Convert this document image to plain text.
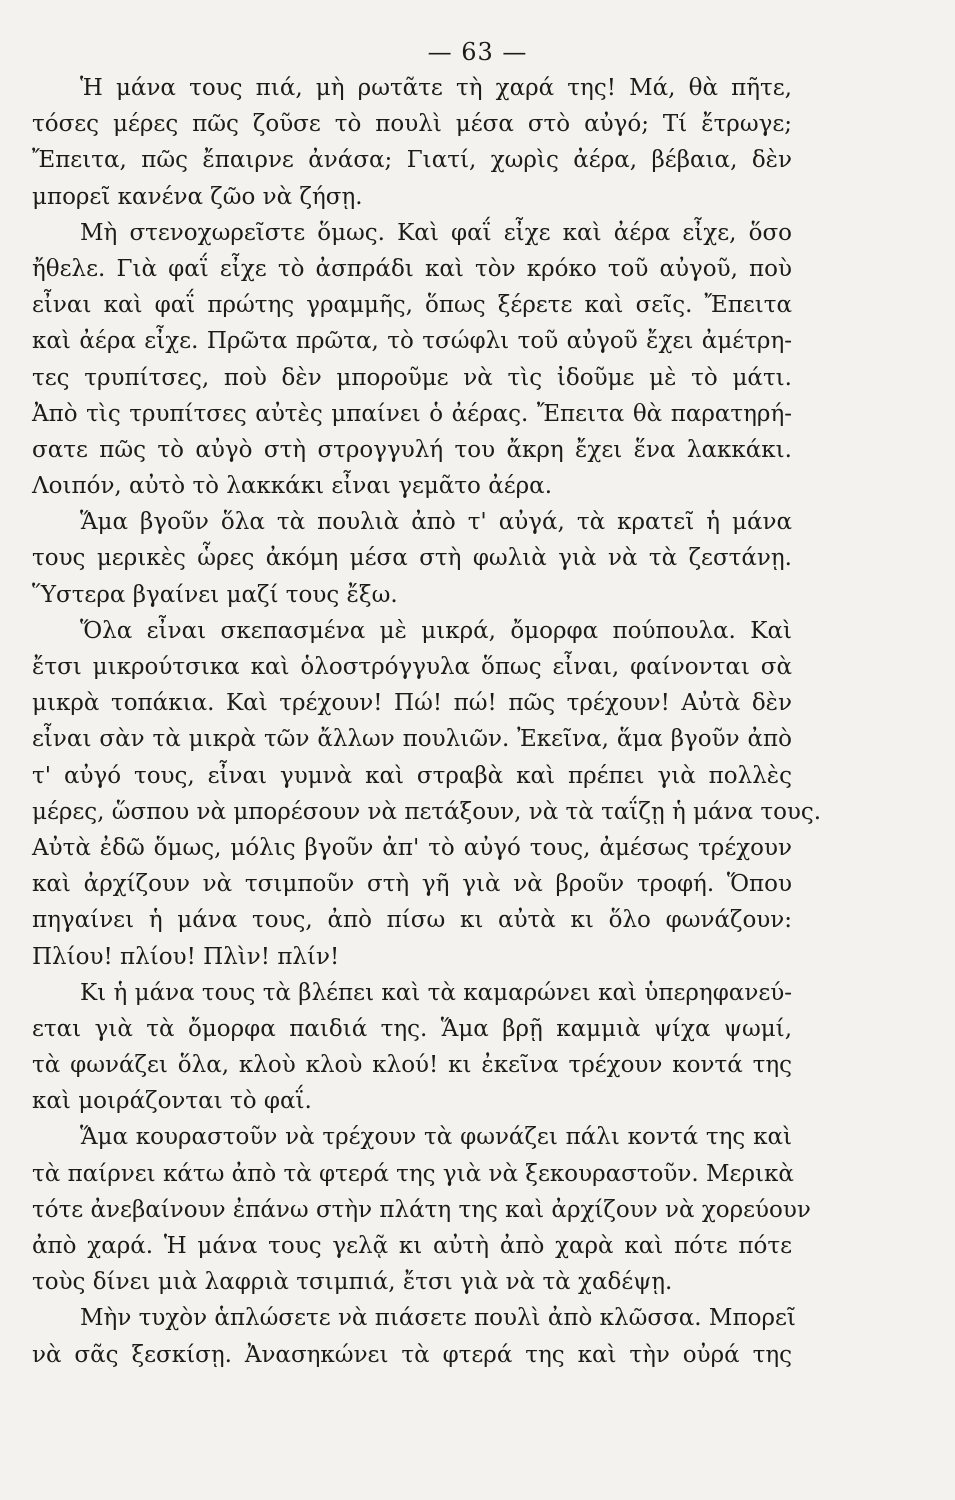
— 63 —
Ἡ μάνα τους πιά, μὴ ρωτᾶτε τὴ χαρά της! Μά, θὰ πῆτε,
τόσες μέρες πῶς ζοῦσε τὸ πουλὶ μέσα στὸ αὐγό; Τί ἔτρωγε;
Ἔπειτα, πῶς ἔπαιρνε ἀνάσα; Γιατί, χωρὶς ἀέρα, βέβαια, δὲν
μπορεῖ κανένα ζῶο νὰ ζήσῃ.
Μὴ στενοχωρεῖστε ὅμως. Καὶ φαΐ εἶχε καὶ ἀέρα εἶχε, ὅσο
ἤθελε. Γιὰ φαΐ εἶχε τὸ ἀσπράδι καὶ τὸν κρόκο τοῦ αὐγοῦ, ποὺ
εἶναι καὶ φαΐ πρώτης γραμμῆς, ὅπως ξέρετε καὶ σεῖς. Ἔπειτα
καὶ ἀέρα εἶχε. Πρῶτα πρῶτα, τὸ τσώφλι τοῦ αὐγοῦ ἔχει ἀμέτρη-
τες τρυπίτσες, ποὺ δὲν μποροῦμε νὰ τὶς ἰδοῦμε μὲ τὸ μάτι.
Ἀπὸ τὶς τρυπίτσες αὐτὲς μπαίνει ὁ ἀέρας. Ἔπειτα θὰ παρατηρή-
σατε πῶς τὸ αὐγὸ στὴ στρογγυλή του ἄκρη ἔχει ἕνα λακκάκι.
Λοιπόν, αὐτὸ τὸ λακκάκι εἶναι γεμᾶτο ἀέρα.
Ἅμα βγοῦν ὅλα τὰ πουλιὰ ἀπὸ τ' αὐγά, τὰ κρατεῖ ἡ μάνα
τους μερικὲς ὧρες ἀκόμη μέσα στὴ φωλιὰ γιὰ νὰ τὰ ζεστάνῃ.
Ὕστερα βγαίνει μαζί τους ἔξω.
Ὅλα εἶναι σκεπασμένα μὲ μικρά, ὄμορφα πούπουλα. Καὶ
ἔτσι μικρούτσικα καὶ ὁλοστρόγγυλα ὅπως εἶναι, φαίνονται σὰ
μικρὰ τοπάκια. Καὶ τρέχουν! Πώ! πώ! πῶς τρέχουν! Αὐτὰ δὲν
εἶναι σὰν τὰ μικρὰ τῶν ἄλλων πουλιῶν. Ἐκεῖνα, ἅμα βγοῦν ἀπὸ
τ' αὐγό τους, εἶναι γυμνὰ καὶ στραβὰ καὶ πρέπει γιὰ πολλὲς
μέρες, ὥσπου νὰ μπορέσουν νὰ πετάξουν, νὰ τὰ ταΐζῃ ἡ μάνα τους.
Αὐτὰ ἐδῶ ὅμως, μόλις βγοῦν ἀπ' τὸ αὐγό τους, ἀμέσως τρέχουν
καὶ ἀρχίζουν νὰ τσιμποῦν στὴ γῆ γιὰ νὰ βροῦν τροφή. Ὅπου
πηγαίνει ἡ μάνα τους, ἀπὸ πίσω κι αὐτὰ κι ὅλο φωνάζουν:
Πλίου! πλίου! Πλὶν! πλίν!
Κι ἡ μάνα τους τὰ βλέπει καὶ τὰ καμαρώνει καὶ ὑπερηφανεύ-
εται γιὰ τὰ ὄμορφα παιδιά της. Ἅμα βρῇ καμμιὰ ψίχα ψωμί,
τὰ φωνάζει ὅλα, κλοὺ κλοὺ κλού! κι ἐκεῖνα τρέχουν κοντά της
καὶ μοιράζονται τὸ φαΐ.
Ἅμα κουραστοῦν νὰ τρέχουν τὰ φωνάζει πάλι κοντά της καὶ
τὰ παίρνει κάτω ἀπὸ τὰ φτερά της γιὰ νὰ ξεκουραστοῦν. Μερικὰ
τότε ἀνεβαίνουν ἐπάνω στὴν πλάτη της καὶ ἀρχίζουν νὰ χορεύουν
ἀπὸ χαρά. Ἡ μάνα τους γελᾷ κι αὐτὴ ἀπὸ χαρὰ καὶ πότε πότε
τοὺς δίνει μιὰ λαφριὰ τσιμπιά, ἔτσι γιὰ νὰ τὰ χαδέψῃ.
Μὴν τυχὸν ἁπλώσετε νὰ πιάσετε πουλὶ ἀπὸ κλῶσσα. Μπορεῖ
νὰ σᾶς ξεσκίσῃ. Ἀνασηκώνει τὰ φτερά της καὶ τὴν οὐρά της
